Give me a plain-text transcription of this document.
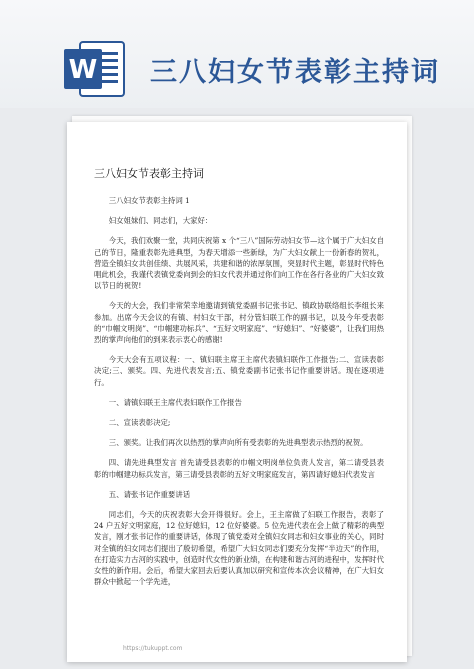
W 三八妇女节表彰主持词
三八妇女节表彰主持词

三八妇女节表彰主持词 1

妇女姐妹们、同志们，大家好：

今天，我们欢聚一堂，共同庆祝第 x 个“三八”国际劳动妇女节—这个属于广大妇女自己的节日，隆重表彰先进典型，为春天增添一些新绿，为广大妇女献上一份新春的贺礼，营造全镇妇女共创佳绩、共展风采，共建和谐的浓厚氛围，突显时代主题，彰显时代特色唱此机会，我谨代表镇党委向到会的妇女代表并通过你们向工作在各行各业的广大妇女致以节日的祝贺!

今天的大会，我们非常荣幸地邀请到镇党委副书记张书记、镇政协联络组长李组长来参加。出席今天会议的有镇、村妇女干部，村分管妇联工作的副书记，以及今年受表彰的“巾帼文明岗”、“巾帼建功标兵”、“五好文明家庭”、“好媳妇”、“好婆婆”，让我们用热烈的掌声向他们的到来表示衷心的感谢!

今天大会有五项议程：一、镇妇联主席王主席代表镇妇联作工作报告;二、宣读表彰决定;三、颁奖。四、先进代表发言;五、镇党委副书记张书记作重要讲话。现在逐项进行。

一、请镇妇联王主席代表妇联作工作报告

二、宣读表彰决定;

三、颁奖。让我们再次以热烈的掌声向所有受表彰的先进典型表示热烈的祝贺。

四、请先进典型发言 首先请受县表彰的巾帼文明岗单位负责人发言，第二请受县表彰的巾帼建功标兵发言，第三请受县表彰的五好文明家庭发言，第四请好媳妇代表发言

五、请张书记作重要讲话

同志们，今天的庆祝表彰大会开得很好。会上，王主席做了妇联工作报告，表彰了 24 户五好文明家庭，12 位好媳妇，12 位好婆婆。5 位先进代表在会上做了精彩的典型发言，刚才张书记作的重要讲话，体现了镇党委对全镇妇女同志和妇女事业的关心，同时对全镇的妇女同志们提出了殷切希望，希望广大妇女同志们要充分发挥“半边天”的作用，在打造实力古河的实践中，创造时代女性的新业绩，在构建和谐古河的进程中，发挥时代女性的新作用。会后，希望大家回去后要认真加以研究和宣传本次会议精神，在广大妇女群众中掀起一个学先进，

https://tukuppt.com
